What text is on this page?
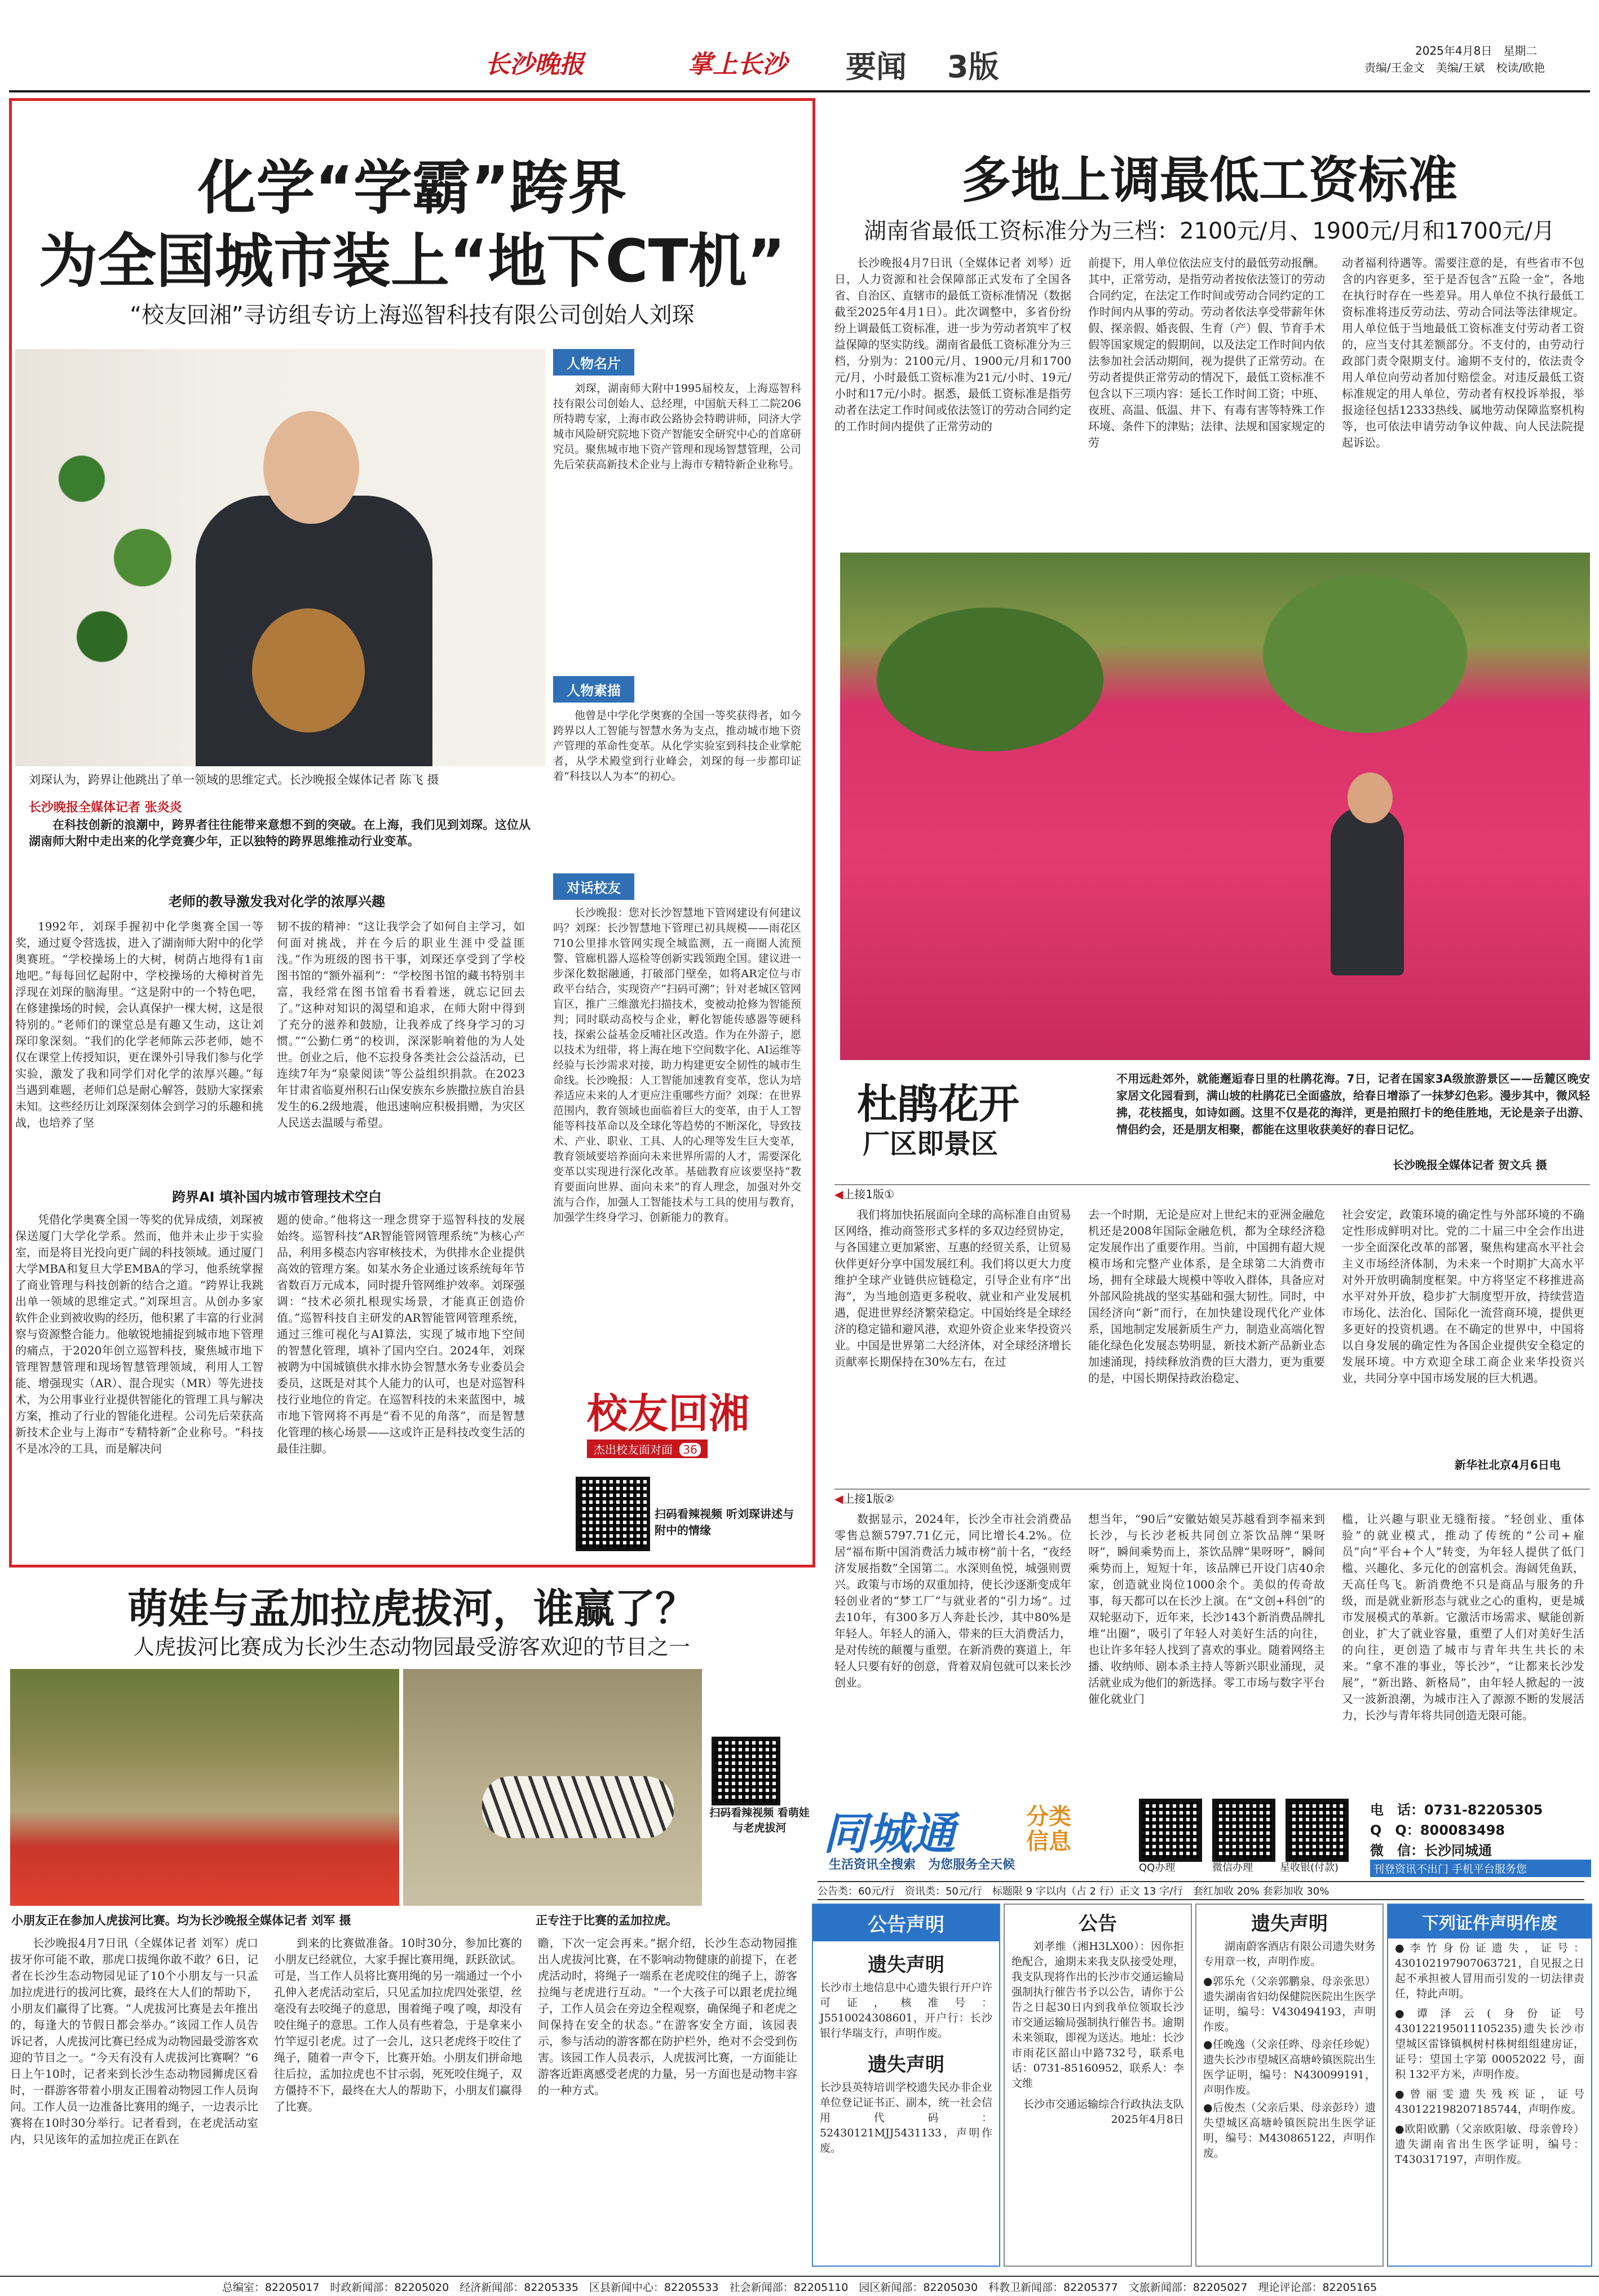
长沙晚报	掌上长沙 要闻 3版	2025年4月8日　星期二
责编/王金文　美编/王斌　校读/欧艳
化学“学霸”跨界
为全国城市装上“地下CT机”
“校友回湘”寻访组专访上海巡智科技有限公司创始人刘琛
刘琛认为，跨界让他跳出了单一领域的思维定式。长沙晚报全媒体记者 陈飞 摄
人物名片
刘琛，湖南师大附中1995届校友，上海巡智科技有限公司创始人、总经理，中国航天科工二院206所特聘专家，上海市政公路协会特聘讲师，同济大学城市风险研究院地下资产智能安全研究中心的首席研究员。聚焦城市地下资产管理和现场智慧管理，公司先后荣获高新技术企业与上海市专精特新企业称号。
人物素描
他曾是中学化学奥赛的全国一等奖获得者，如今跨界以人工智能与智慧水务为支点，推动城市地下资产管理的革命性变革。从化学实验室到科技企业掌舵者，从学术殿堂到行业峰会，刘琛的每一步都印证着“科技以人为本”的初心。
长沙晚报全媒体记者 张炎炎
在科技创新的浪潮中，跨界者往往能带来意想不到的突破。在上海，我们见到刘琛。这位从湖南师大附中走出来的化学竞赛少年，正以独特的跨界思维推动行业变革。
老师的教导激发我对化学的浓厚兴趣
1992年，刘琛手握初中化学奥赛全国一等奖，通过夏令营选拔，进入了湖南师大附中的化学奥赛班。“学校操场上的大树，树荫占地得有1亩地吧。”每每回忆起附中，学校操场的大樟树首先浮现在刘琛的脑海里。“这是附中的一个特色吧，在修建操场的时候，会认真保护一棵大树，这是很特别的。”老师们的课堂总是有趣又生动，这让刘琛印象深刻。“我们的化学老师陈云莎老师，她不仅在课堂上传授知识，更在课外引导我们参与化学实验，激发了我和同学们对化学的浓厚兴趣。”每当遇到难题，老师们总是耐心解答，鼓励大家探索未知。这些经历让刘琛深刻体会到学习的乐趣和挑战，也培养了坚
韧不拔的精神：“这让我学会了如何自主学习，如何面对挑战，并在今后的职业生涯中受益匪浅。”作为班级的图书干事，刘琛还享受到了学校图书馆的“额外福利”：“学校图书馆的藏书特别丰富，我经常在图书馆看书看着迷，就忘记回去了。”这种对知识的渴望和追求，在师大附中得到了充分的滋养和鼓励，让我养成了终身学习的习惯。”“公勤仁勇”的校训，深深影响着他的为人处世。创业之后，他不忘投身各类社会公益活动，已连续7年为“泉蒙阅读”等公益组织捐款。在2023年甘肃省临夏州积石山保安族东乡族撒拉族自治县发生的6.2级地震，他迅速响应积极捐赠，为灾区人民送去温暖与希望。
跨界AI 填补国内城市管理技术空白
凭借化学奥赛全国一等奖的优异成绩，刘琛被保送厦门大学化学系。然而，他并未止步于实验室，而是将目光投向更广阔的科技领域。通过厦门大学MBA和复旦大学EMBA的学习，他系统掌握了商业管理与科技创新的结合之道。“跨界让我跳出单一领域的思维定式。”刘琛坦言。从创办多家软件企业到被收购的经历，他积累了丰富的行业洞察与资源整合能力。他敏锐地捕捉到城市地下管理的痛点，于2020年创立巡智科技，聚焦城市地下管理智慧管理和现场智慧管理领域，利用人工智能、增强现实（AR）、混合现实（MR）等先进技术，为公用事业行业提供智能化的管理工具与解决方案，推动了行业的智能化进程。公司先后荣获高新技术企业与上海市“专精特新”企业称号。“科技不是冰冷的工具，而是解决问
题的使命。”他将这一理念贯穿于巡智科技的发展始终。巡智科技“AR智能管网管理系统”为核心产品，利用多模态内容审核技术，为供排水企业提供高效的管理方案。如某水务企业通过该系统每年节省数百万元成本，同时提升管网维护效率。刘琛强调：“技术必须扎根现实场景，才能真正创造价值。”巡智科技自主研发的AR智能管网管理系统，通过三维可视化与AI算法，实现了城市地下空间的智慧化管理，填补了国内空白。2024年，刘琛被聘为中国城镇供水排水协会智慧水务专业委员会委员，这既是对其个人能力的认可，也是对巡智科技行业地位的肯定。在巡智科技的未来蓝图中，城市地下管网将不再是“看不见的角落”，而是智慧化管理的核心场景——这或许正是科技改变生活的最佳注脚。
对话校友
长沙晚报：您对长沙智慧地下管网建设有何建议吗？刘琛：长沙智慧地下管理已初具规模——雨花区710公里排水管网实现全城监测，五一商圈人流预警、管廊机器人巡检等创新实践领跑全国。建议进一步深化数据融通，打破部门壁垒，如将AR定位与市政平台结合，实现资产“扫码可溯”；针对老城区管网盲区，推广三维激光扫描技术，变被动抢修为智能预判；同时联动高校与企业，孵化智能传感器等硬科技，探索公益基金反哺社区改造。作为在外游子，愿以技术为纽带，将上海在地下空间数字化、AI运维等经验与长沙需求对接，助力构建更安全韧性的城市生命线。长沙晚报：人工智能加速教育变革，您认为培养适应未来的人才更应注重哪些方面？刘琛：在世界范围内，教育领域也面临着巨大的变革，由于人工智能等科技革命以及全球化等趋势的不断深化，导致技术、产业、职业、工具、人的心理等发生巨大变革，教育领域要培养面向未来世界所需的人才，需要深化变革以实现进行深化改革。基础教育应该要坚持“教育要面向世界、面向未来”的育人理念，加强对外交流与合作，加强人工智能技术与工具的使用与教育，加强学生终身学习、创新能力的教育。
校友回湘
杰出校友面对面 36
扫码看辣视频 听刘琛讲述与附中的情缘
多地上调最低工资标准
湖南省最低工资标准分为三档：2100元/月、1900元/月和1700元/月
长沙晚报4月7日讯（全媒体记者 刘琴）近日，人力资源和社会保障部正式发布了全国各省、自治区、直辖市的最低工资标准情况（数据截至2025年4月1日）。此次调整中，多省份纷纷上调最低工资标准，进一步为劳动者筑牢了权益保障的坚实防线。湖南省最低工资标准分为三档，分别为：2100元/月、1900元/月和1700元/月，小时最低工资标准为21元/小时、19元/小时和17元/小时。据悉，最低工资标准是指劳动者在法定工作时间或依法签订的劳动合同约定的工作时间内提供了正常劳动的
前提下，用人单位依法应支付的最低劳动报酬。其中，正常劳动，是指劳动者按依法签订的劳动合同约定，在法定工作时间或劳动合同约定的工作时间内从事的劳动。劳动者依法享受带薪年休假、探亲假、婚丧假、生育（产）假、节育手术假等国家规定的假期间，以及法定工作时间内依法参加社会活动期间，视为提供了正常劳动。在劳动者提供正常劳动的情况下，最低工资标准不包含以下三项内容：延长工作时间工资；中班、夜班、高温、低温、井下、有毒有害等特殊工作环境、条件下的津贴；法律、法规和国家规定的劳
动者福利待遇等。需要注意的是，有些省市不包含的内容更多，至于是否包含“五险一金”，各地在执行时存在一些差异。用人单位不执行最低工资标准将违反劳动法、劳动合同法等法律规定。用人单位低于当地最低工资标准支付劳动者工资的，应当支付其差额部分。不支付的，由劳动行政部门责令限期支付。逾期不支付的，依法责令用人单位向劳动者加付赔偿金。对违反最低工资标准规定的用人单位，劳动者有权投诉举报，举报途径包括12333热线、属地劳动保障监察机构等，也可依法申请劳动争议仲裁、向人民法院提起诉讼。
杜鹃花开
厂区即景区
不用远赴郊外，就能邂逅春日里的杜鹃花海。7日，记者在国家3A级旅游景区——岳麓区晚安家居文化园看到，满山坡的杜鹃花已全面盛放，给春日增添了一抹梦幻色彩。漫步其中，微风轻拂，花枝摇曳，如诗如画。这里不仅是花的海洋，更是拍照打卡的绝佳胜地，无论是亲子出游、情侣约会，还是朋友相聚，都能在这里收获美好的春日记忆。
长沙晚报全媒体记者 贺文兵 摄
◀上接1版①
我们将加快拓展面向全球的高标准自由贸易区网络，推动商签形式多样的多双边经贸协定，与各国建立更加紧密、互惠的经贸关系，让贸易伙伴更好分享中国发展红利。我们将以更大力度维护全球产业链供应链稳定，引导企业有序“出海”，为当地创造更多税收、就业和产业发展机遇，促进世界经济繁荣稳定。中国始终是全球经济的稳定锚和避风港，欢迎外资企业来华投资兴业。中国是世界第二大经济体，对全球经济增长贡献率长期保持在30%左右，在过
去一个时期，无论是应对上世纪末的亚洲金融危机还是2008年国际金融危机，都为全球经济稳定发展作出了重要作用。当前，中国拥有超大规模市场和完整产业体系，是全球第二大消费市场，拥有全球最大规模中等收入群体，具备应对外部风险挑战的坚实基础和强大韧性。同时，中国经济向“新”而行，在加快建设现代化产业体系，国地制定发展新质生产力，制造业高端化智能化绿色化发展态势明显，新技术新产品新业态加速涌现，持续释放消费的巨大潜力，更为重要的是，中国长期保持政治稳定、
社会安定，政策环境的确定性与外部环境的不确定性形成鲜明对比。党的二十届三中全会作出进一步全面深化改革的部署，聚焦构建高水平社会主义市场经济体制，为未来一个时期扩大高水平对外开放明确制度框架。中方将坚定不移推进高水平对外开放，稳步扩大制度型开放，持续营造市场化、法治化、国际化一流营商环境，提供更多更好的投资机遇。在不确定的世界中，中国将以自身发展的确定性为各国企业提供安全稳定的发展环境。中方欢迎全球工商企业来华投资兴业，共同分享中国市场发展的巨大机遇。
新华社北京4月6日电
◀上接1版②
数据显示，2024年，长沙全市社会消费品零售总额5797.71亿元，同比增长4.2%。位居“福布斯中国消费活力城市榜”前十名，“夜经济发展指数”全国第二。水深则鱼悦，城强则贾兴。政策与市场的双重加持，使长沙逐渐变成年轻创业者的“梦工厂”与就业者的“引力场”。过去10年，有300多万人奔赴长沙，其中80%是年轻人。年轻人的涌入，带来的巨大消费活力，是对传统的颠覆与重塑。在新消费的赛道上，年轻人只要有好的创意，背着双肩包就可以来长沙创业。
想当年，“90后”安徽姑娘吴苏越看到李福来到长沙，与长沙老板共同创立茶饮品牌“果呀呀”，瞬间乘势而上，茶饮品牌“果呀呀”，瞬间乘势而上，短短十年，该品牌已开设门店40余家，创造就业岗位1000余个。美似的传奇故事，每天都可以在长沙上演。在“文创+科创”的双轮驱动下，近年来，长沙143个新消费品牌扎堆“出圈”，吸引了年轻人对美好生活的向往，也让许多年轻人找到了喜欢的事业。随着网络主播、收纳师、剧本杀主持人等新兴职业涌现，灵活就业成为他们的新选择。零工市场与数字平台催化就业门
槛，让兴趣与职业无缝衔接。“轻创业、重体验”的就业模式，推动了传统的“公司+雇员”向“平台+个人”转变，为年轻人提供了低门槛、兴趣化、多元化的创富机会。海阔凭鱼跃，天高任鸟飞。新消费绝不只是商品与服务的升级，而是就业新形态与就业之心的重构，更是城市发展模式的革新。它激活市场需求、赋能创新创业，扩大了就业容量，重塑了人们对美好生活的向往，更创造了城市与青年共生共长的未来。“拿不准的事业，等长沙”，“让都来长沙发展”，“新出路、新格局”，由年轻人掀起的一波又一波新浪潮，为城市注入了源源不断的发展活力，长沙与青年将共同创造无限可能。
萌娃与孟加拉虎拔河，谁赢了？
人虎拔河比赛成为长沙生态动物园最受游客欢迎的节目之一
扫码看辣视频 看萌娃 与老虎拔河
小朋友正在参加人虎拔河比赛。均为长沙晚报全媒体记者 刘军 摄	正专注于比赛的孟加拉虎。
长沙晚报4月7日讯（全媒体记者 刘军）虎口拔牙你可能不敢，那虎口拔绳你敢不敢？6日，记者在长沙生态动物园见证了10个小朋友与一只孟加拉虎进行的拔河比赛，最终在大人们的帮助下，小朋友们赢得了比赛。“人虎拔河比赛是去年推出的，每逢大的节假日都会举办。”该园工作人员告诉记者，人虎拔河比赛已经成为动物园最受游客欢迎的节目之一。“今天有没有人虎拔河比赛啊？”6日上午10时，记者来到长沙生态动物园狮虎区看时，一群游客带着小朋友正围着动物园工作人员询问。工作人员一边准备比赛用的绳子，一边表示比赛将在10时30分举行。记者看到，在老虎活动室内，只见该年的孟加拉虎正在趴在
到来的比赛做准备。10时30分，参加比赛的小朋友已经就位，大家手握比赛用绳，跃跃欲试。可是，当工作人员将比赛用绳的另一端通过一个小孔伸入老虎活动室后，只见孟加拉虎四处张望，丝毫没有去咬绳子的意思，围着绳子嗅了嗅，却没有咬住绳子的意思。工作人员有些着急，于是拿来小竹竿逗引老虎。过了一会儿，这只老虎终于咬住了绳子，随着一声令下，比赛开始。小朋友们拼命地往后拉，孟加拉虎也不甘示弱，死死咬住绳子，双方僵持不下，最终在大人的帮助下，小朋友们赢得了比赛。
瞻，下次一定会再来。”据介绍，长沙生态动物园推出人虎拔河比赛，在不影响动物健康的前提下，在老虎活动时，将绳子一端系在老虎咬住的绳子上，游客拉绳与老虎进行互动。“一个大孩子可以跟老虎拉绳子，工作人员会在旁边全程观察，确保绳子和老虎之间保持在安全的状态。”在游客安全方面，该园表示，参与活动的游客都在防护栏外，绝对不会受到伤害。该园工作人员表示，人虎拔河比赛，一方面能让游客近距离感受老虎的力量，另一方面也是动物丰容的一种方式。
同城通	分类信息
生活资讯全搜索　为您服务全天候	QQ办理	微信办理	星收银(付款)
电　话：0731-82205305
Q　Q：800083498
微　信：长沙同城通
刊登资讯不出门 手机平台服务您
公告类：60元/行　资讯类：50元/行　标题限 9 字以内（占 2 行）正文 13 字/行　套红加收 20% 套彩加收 30%
公告声明
遗失声明
长沙市土地信息中心遗失银行开户许可证，核准号：J5510024308601，开户行：长沙银行华瑞支行，声明作废。
遗失声明
长沙县英特培训学校遗失民办非企业单位登记证书正、副本，统一社会信用代码：52430121MJJ5431133，声明作废。
公告
刘孝维（湘H3LX00）：因你拒绝配合，逾期未来我支队接受处理，我支队现将作出的长沙市交通运输局强制执行催告书予以公告，请你于公告之日起30日内到我单位领取长沙市交通运输局强制执行催告书。逾期未来领取，即视为送达。地址：长沙市雨花区韶山中路732号，联系电话：0731-85160952，联系人：李文维
长沙市交通运输综合行政执法支队　2025年4月8日
遗失声明
湖南蔚客酒店有限公司遗失财务专用章一枚，声明作废。
●郭乐允（父亲郭鹏泉、母亲张思）遗失湖南省妇幼保健院医院出生医学证明，编号：V430494193，声明作废。
●任晚逸（父亲任晔、母亲任珍妮）遗失长沙市望城区高塘岭镇医院出生医学证明，编号：N430099191，声明作废。
●后俊杰（父亲后果、母亲彭玲）遗失望城区高塘岭镇医院出生医学证明，编号：M430865122，声明作废。
下列证件声明作废
●李竹身份证遗失，证号：430102197907063721，自见报之日起不承担被人冒用而引发的一切法律责任，特此声明。
●谭泽云(身份证号 430122195011105235)遗失长沙市望城区雷锋镇枫树村株树组组建房证，证号：望国土字第 00052022 号，面积 132平方米，声明作废。
●曾丽雯遗失残疾证，证号 430122198207185744，声明作废。
●欧阳欧鹏（父亲欧阳敏、母亲曾玲）遗失湖南省出生医学证明，编号：T430317197，声明作废。
总编室：82205017　时政新闻部：82205020　经济新闻部：82205335　区县新闻中心：82205533　社会新闻部：82205110　园区新闻部：82205030　科教卫新闻部：82205377　文旅新闻部：82205027　理论评论部：82205165
